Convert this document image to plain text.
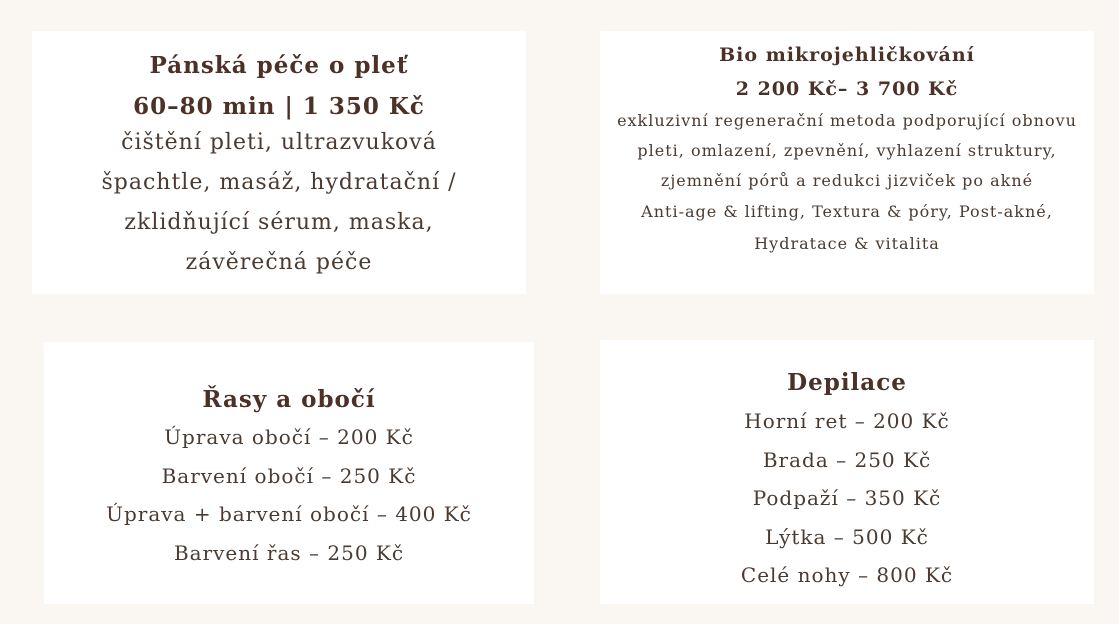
Pánská péče o pleť
60–80 min | 1 350 Kč
čištění pleti, ultrazvuková špachtle, masáž, hydratační / zklidňující sérum, maska, závěrečná péče
Bio mikrojehličkování
2 200 Kč– 3 700 Kč
exkluzivní regenerační metoda podporující obnovu pleti, omlazení, zpevnění, vyhlazení struktury, zjemnění pórů a redukci jizviček po akné
Anti-age & lifting, Textura & póry, Post-akné, Hydratace & vitalita
Řasy a obočí
Úprava obočí – 200 Kč
Barvení obočí – 250 Kč
Úprava + barvení obočí – 400 Kč
Barvení řas – 250 Kč
Depilace
Horní ret – 200 Kč
Brada – 250 Kč
Podpaží – 350 Kč
Lýtka – 500 Kč
Celé nohy – 800 Kč
